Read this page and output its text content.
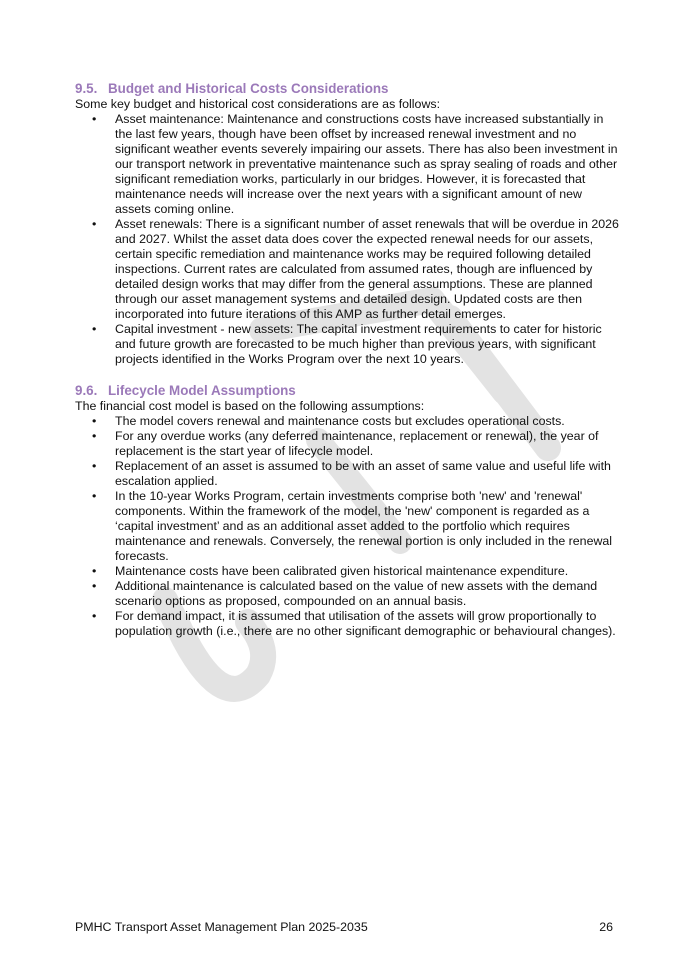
9.5. Budget and Historical Costs Considerations

Some key budget and historical cost considerations are as follows:

• Asset maintenance: Maintenance and constructions costs have increased substantially in the last few years, though have been offset by increased renewal investment and no significant weather events severely impairing our assets. There has also been investment in our transport network in preventative maintenance such as spray sealing of roads and other significant remediation works, particularly in our bridges. However, it is forecasted that maintenance needs will increase over the next years with a significant amount of new assets coming online.
• Asset renewals: There is a significant number of asset renewals that will be overdue in 2026 and 2027. Whilst the asset data does cover the expected renewal needs for our assets, certain specific remediation and maintenance works may be required following detailed inspections. Current rates are calculated from assumed rates, though are influenced by detailed design works that may differ from the general assumptions. These are planned through our asset management systems and detailed design. Updated costs are then incorporated into future iterations of this AMP as further detail emerges.
• Capital investment - new assets: The capital investment requirements to cater for historic and future growth are forecasted to be much higher than previous years, with significant projects identified in the Works Program over the next 10 years.
9.6. Lifecycle Model Assumptions

The financial cost model is based on the following assumptions:

• The model covers renewal and maintenance costs but excludes operational costs.
• For any overdue works (any deferred maintenance, replacement or renewal), the year of replacement is the start year of lifecycle model.
• Replacement of an asset is assumed to be with an asset of same value and useful life with escalation applied.
• In the 10-year Works Program, certain investments comprise both 'new' and 'renewal' components. Within the framework of the model, the 'new' component is regarded as a ‘capital investment’ and as an additional asset added to the portfolio which requires maintenance and renewals. Conversely, the renewal portion is only included in the renewal forecasts.
• Maintenance costs have been calibrated given historical maintenance expenditure.
• Additional maintenance is calculated based on the value of new assets with the demand scenario options as proposed, compounded on an annual basis.
• For demand impact, it is assumed that utilisation of the assets will grow proportionally to population growth (i.e., there are no other significant demographic or behavioural changes).
PMHC Transport Asset Management Plan 2025-2035	26
